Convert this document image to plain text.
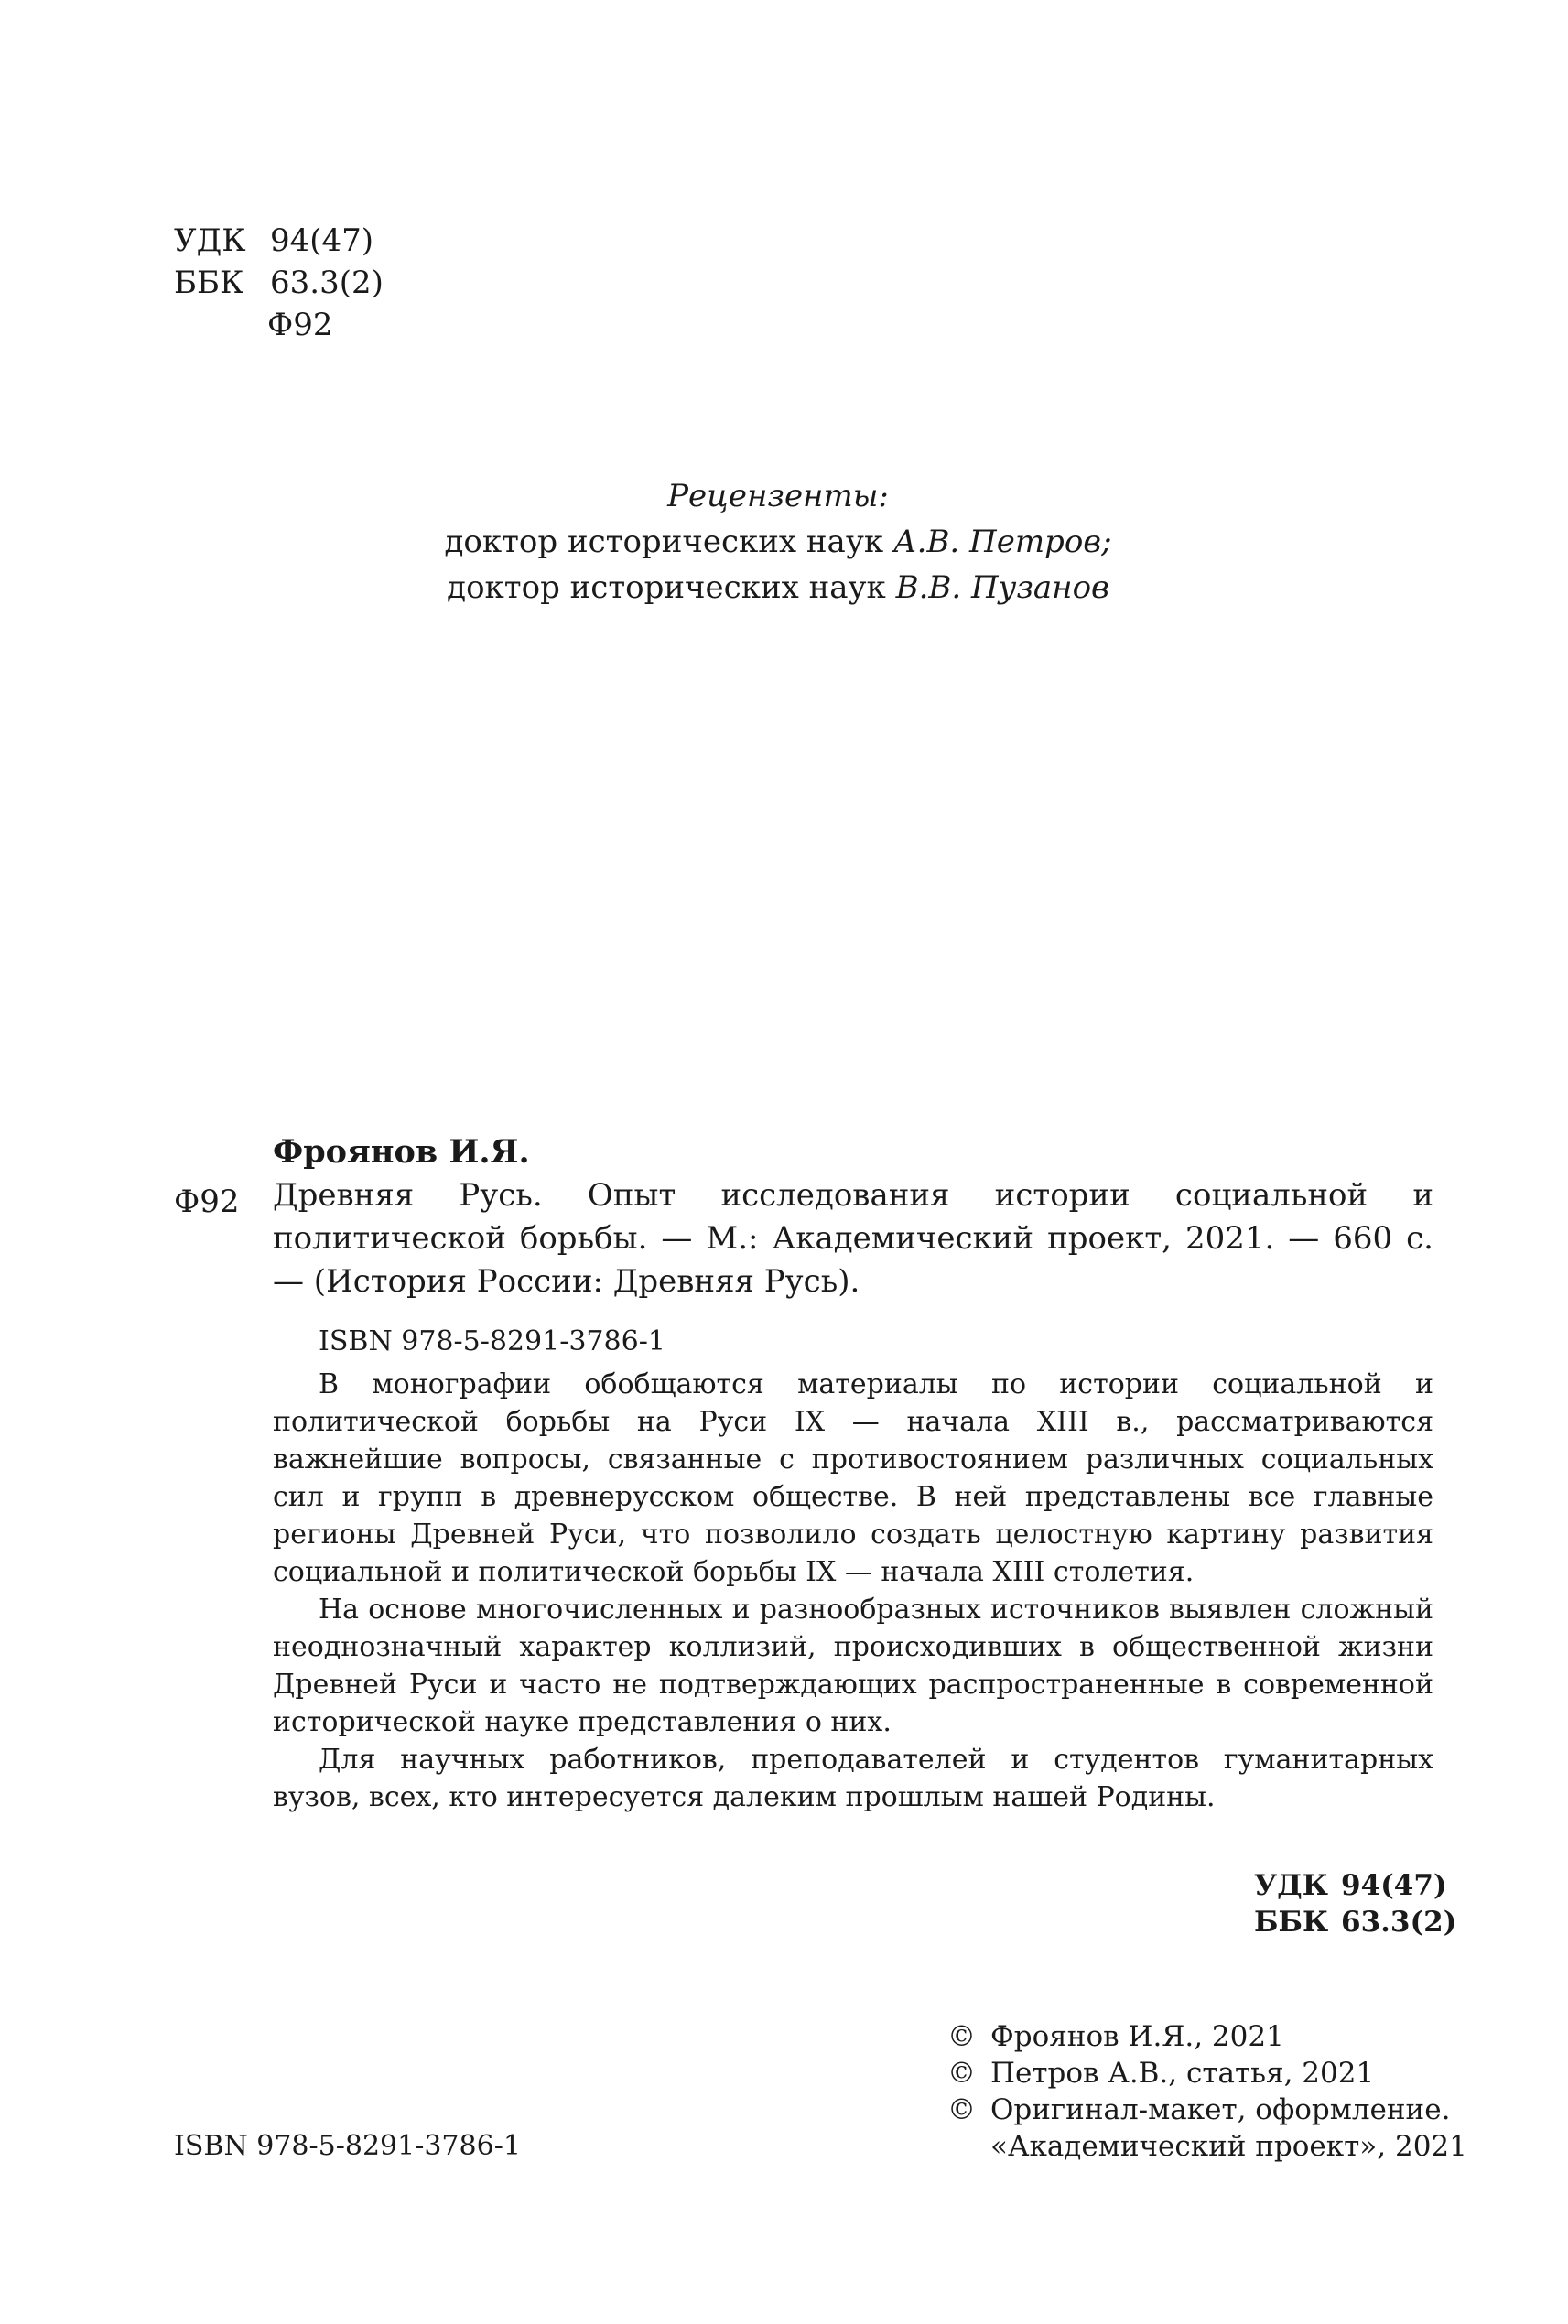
УДК 94(47)
ББК 63.3(2)
Ф92
Рецензенты:
доктор исторических наук А.В. Петров;
доктор исторических наук В.В. Пузанов
Фроянов И.Я.
Ф92 Древняя Русь. Опыт исследования истории социальной и политической борьбы. — М.: Академический проект, 2021. — 660 с. — (История России: Древняя Русь).
ISBN 978-5-8291-3786-1

В монографии обобщаются материалы по истории социальной и политической борьбы на Руси IX — начала XIII в., рассматриваются важнейшие вопросы, связанные с противостоянием различных социальных сил и групп в древнерусском обществе. В ней представлены все главные регионы Древней Руси, что позволило создать целостную картину развития социальной и политической борьбы IX — начала XIII столетия.

На основе многочисленных и разнообразных источников выявлен сложный неоднозначный характер коллизий, происходивших в общественной жизни Древней Руси и часто не подтверждающих распространенные в современной исторической науке представления о них.

Для научных работников, преподавателей и студентов гуманитарных вузов, всех, кто интересуется далеким прошлым нашей Родины.

УДК 94(47)
ББК 63.3(2)
© Фроянов И.Я., 2021
© Петров А.В., статья, 2021
© Оригинал-макет, оформление.
«Академический проект», 2021
ISBN 978-5-8291-3786-1
